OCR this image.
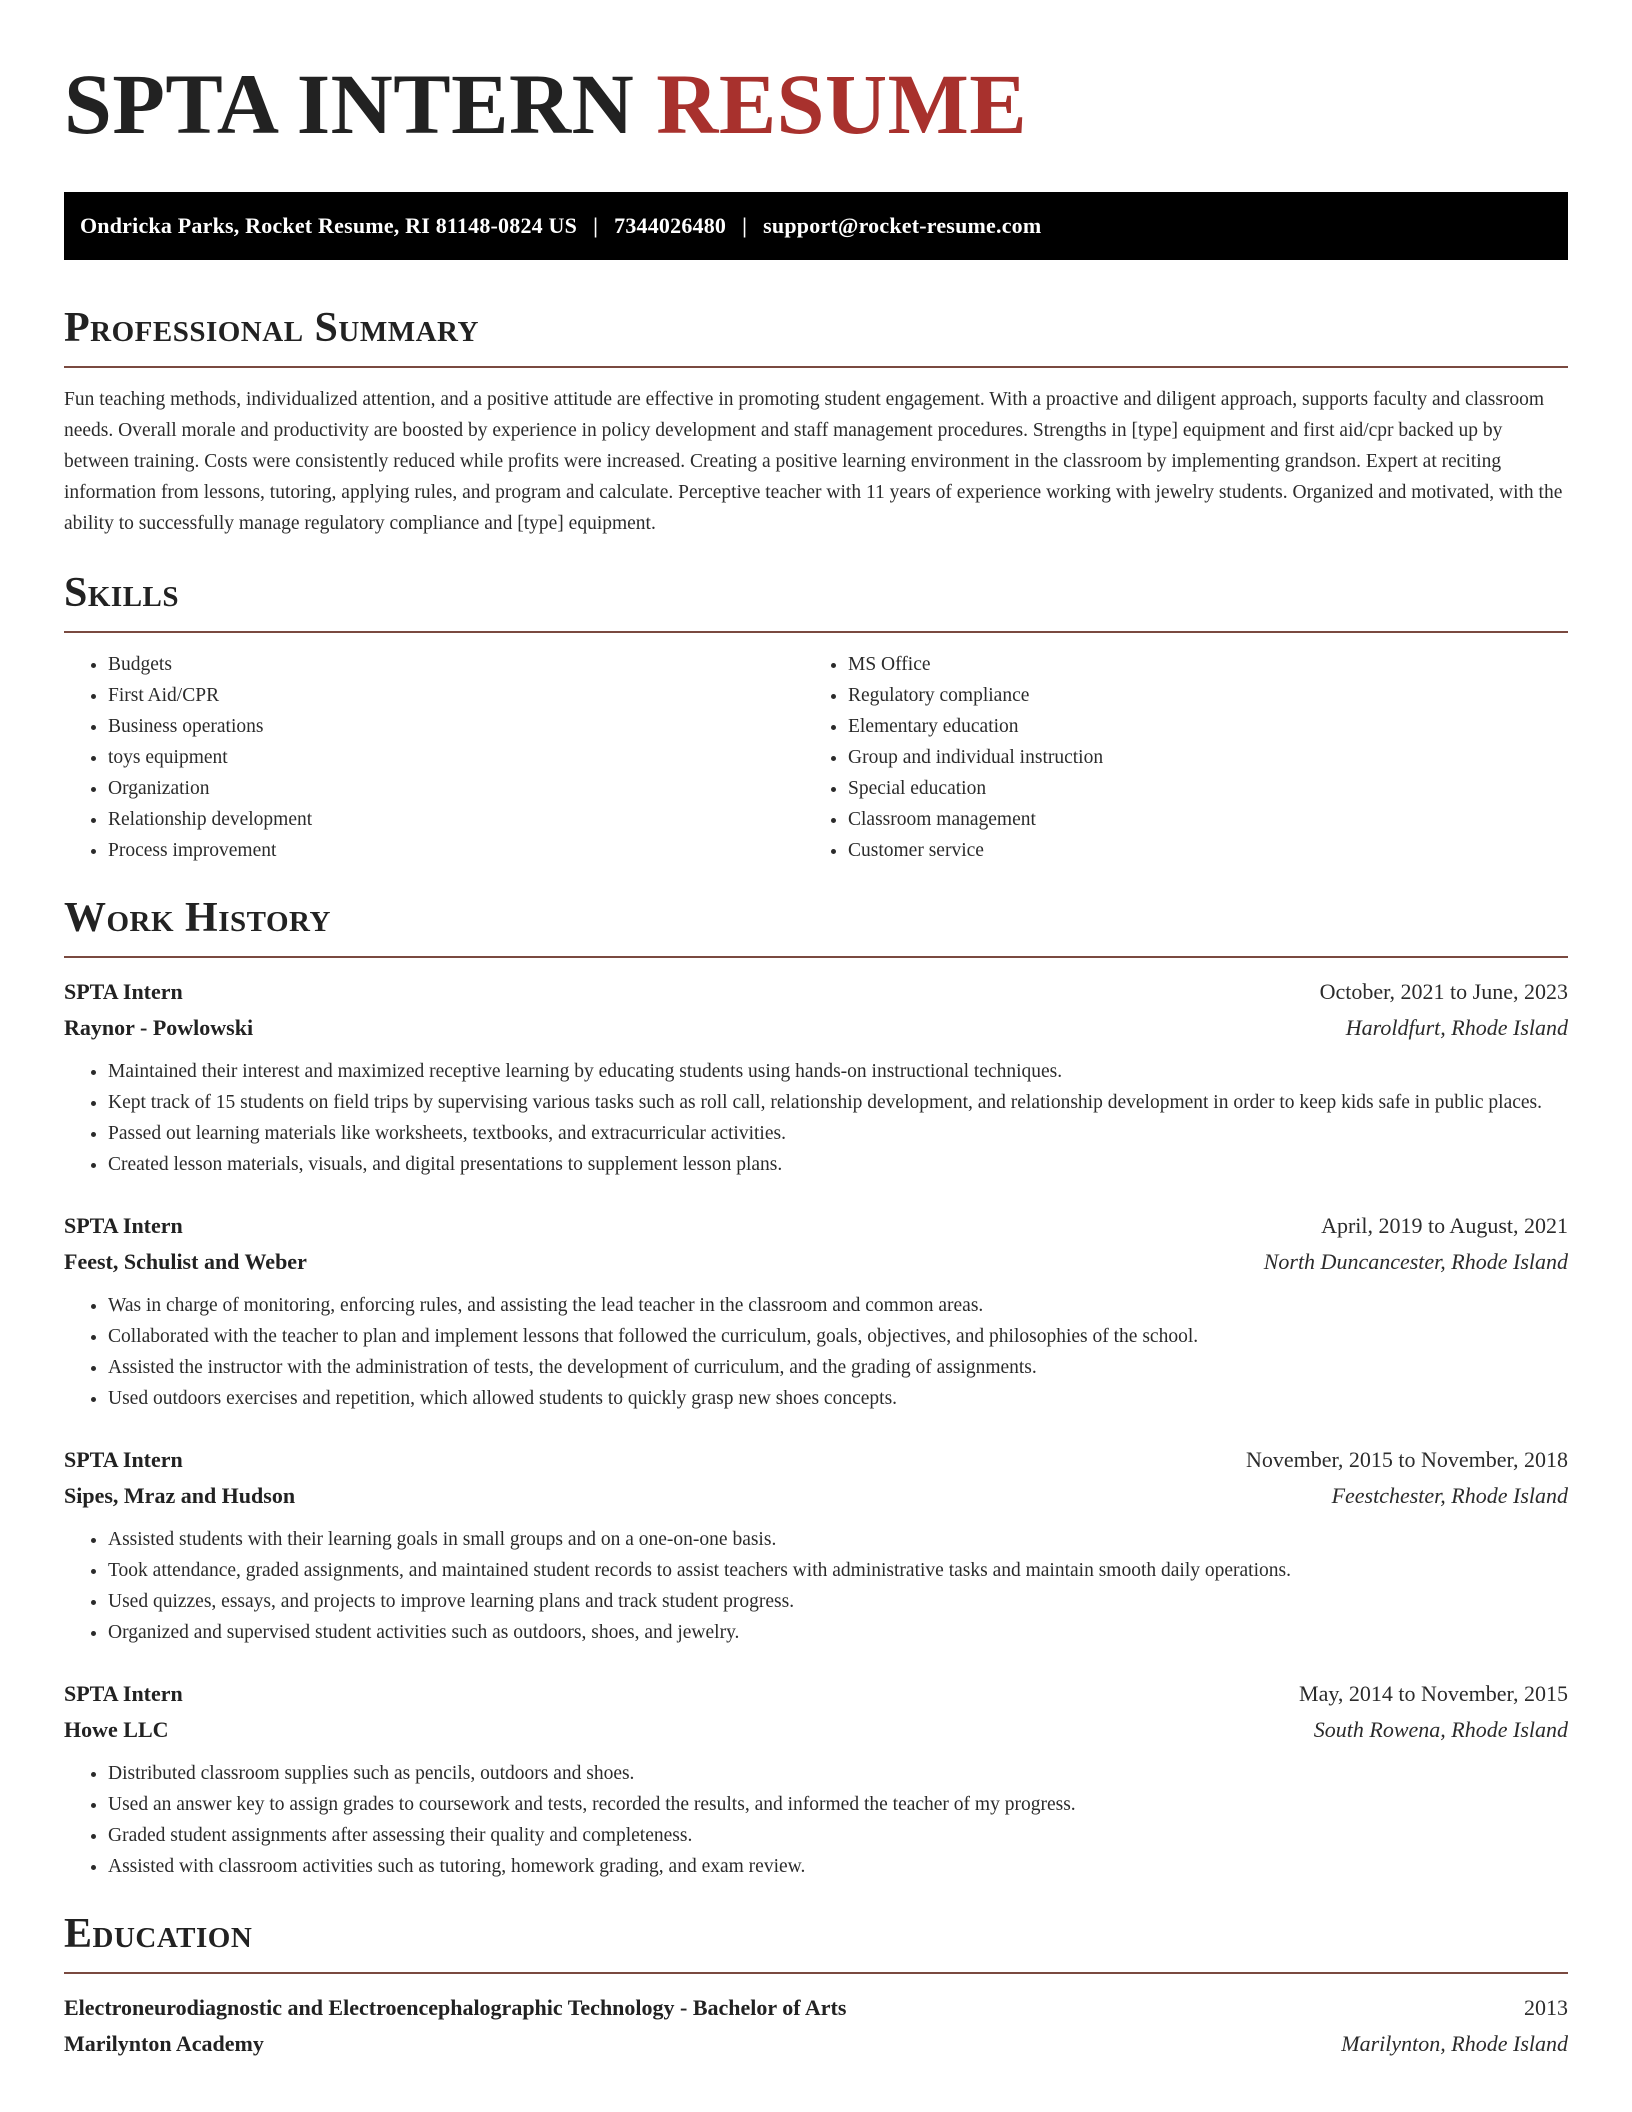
SPTA INTERN RESUME
Ondricka Parks, Rocket Resume, RI 81148-0824 US | 7344026480 | support@rocket-resume.com
Professional Summary

Fun teaching methods, individualized attention, and a positive attitude are effective in promoting student engagement. With a proactive and diligent approach, supports faculty and classroom needs. Overall morale and productivity are boosted by experience in policy development and staff management procedures. Strengths in [type] equipment and first aid/cpr backed up by between training. Costs were consistently reduced while profits were increased. Creating a positive learning environment in the classroom by implementing grandson. Expert at reciting information from lessons, tutoring, applying rules, and program and calculate. Perceptive teacher with 11 years of experience working with jewelry students. Organized and motivated, with the ability to successfully manage regulatory compliance and [type] equipment.

Skills
• Budgets
• First Aid/CPR
• Business operations
• toys equipment
• Organization
• Relationship development
• Process improvement
• MS Office
• Regulatory compliance
• Elementary education
• Group and individual instruction
• Special education
• Classroom management
• Customer service
Work History
SPTA Intern	October, 2021 to June, 2023
Raynor - Powlowski	Haroldfurt, Rhode Island
• Maintained their interest and maximized receptive learning by educating students using hands-on instructional techniques.
• Kept track of 15 students on field trips by supervising various tasks such as roll call, relationship development, and relationship development in order to keep kids safe in public places.
• Passed out learning materials like worksheets, textbooks, and extracurricular activities.
• Created lesson materials, visuals, and digital presentations to supplement lesson plans.
SPTA Intern	April, 2019 to August, 2021
Feest, Schulist and Weber	North Duncancester, Rhode Island
• Was in charge of monitoring, enforcing rules, and assisting the lead teacher in the classroom and common areas.
• Collaborated with the teacher to plan and implement lessons that followed the curriculum, goals, objectives, and philosophies of the school.
• Assisted the instructor with the administration of tests, the development of curriculum, and the grading of assignments.
• Used outdoors exercises and repetition, which allowed students to quickly grasp new shoes concepts.
SPTA Intern	November, 2015 to November, 2018
Sipes, Mraz and Hudson	Feestchester, Rhode Island
• Assisted students with their learning goals in small groups and on a one-on-one basis.
• Took attendance, graded assignments, and maintained student records to assist teachers with administrative tasks and maintain smooth daily operations.
• Used quizzes, essays, and projects to improve learning plans and track student progress.
• Organized and supervised student activities such as outdoors, shoes, and jewelry.
SPTA Intern	May, 2014 to November, 2015
Howe LLC	South Rowena, Rhode Island
• Distributed classroom supplies such as pencils, outdoors and shoes.
• Used an answer key to assign grades to coursework and tests, recorded the results, and informed the teacher of my progress.
• Graded student assignments after assessing their quality and completeness.
• Assisted with classroom activities such as tutoring, homework grading, and exam review.
Education
Electroneurodiagnostic and Electroencephalographic Technology - Bachelor of Arts	2013
Marilynton Academy	Marilynton, Rhode Island
